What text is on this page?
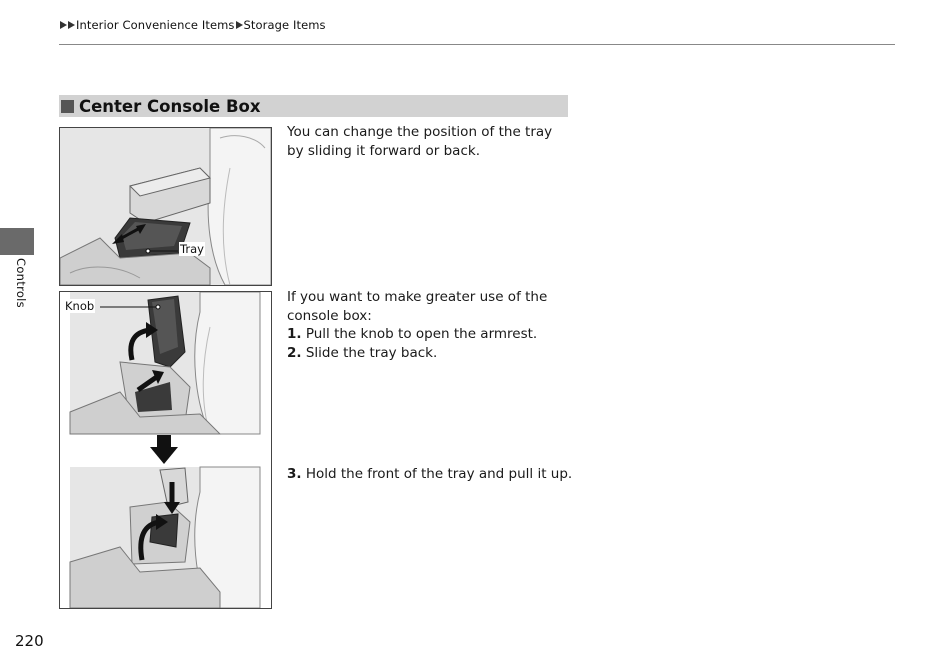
Interior Convenience Items Storage Items
Controls
220
Center Console Box
Tray
Knob
You can change the position of the tray by sliding it forward or back.
If you want to make greater use of the console box:
1. Pull the knob to open the armrest.
2. Slide the tray back.
3. Hold the front of the tray and pull it up.
